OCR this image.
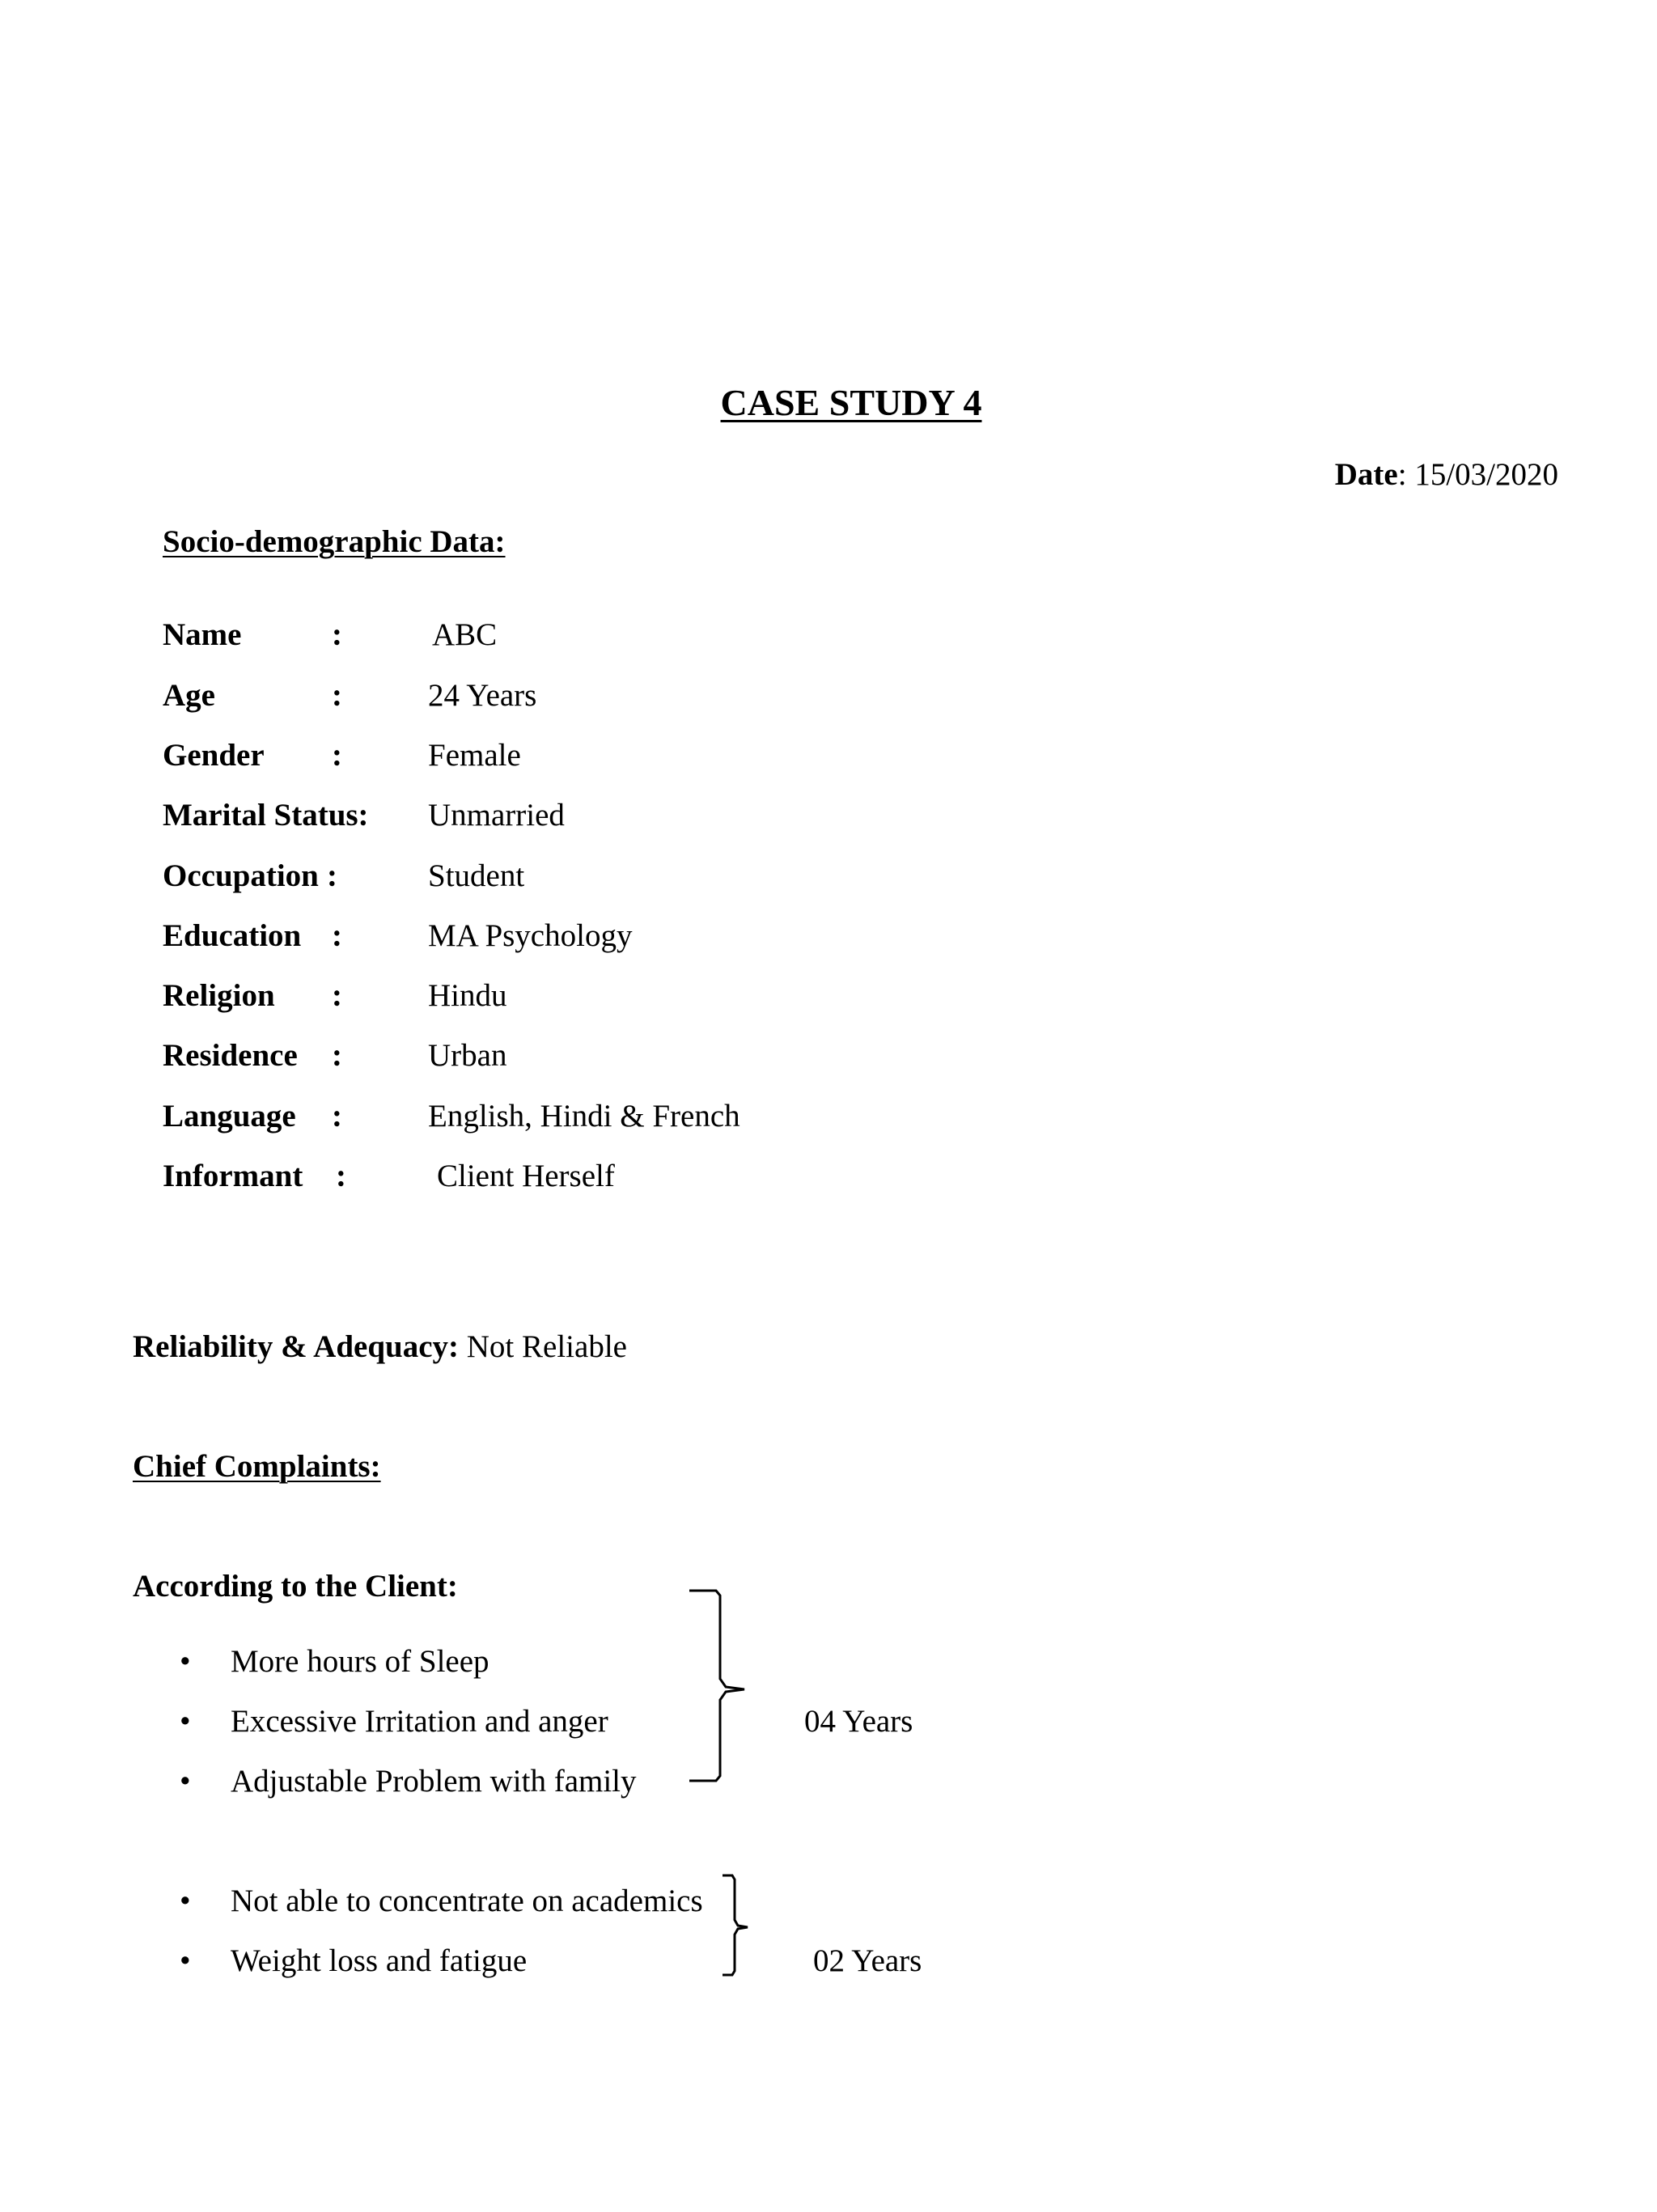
CASE STUDY 4
Date: 15/03/2020
Socio-demographic Data:
Name	:	ABC
Age	:	24 Years
Gender :	Female
Marital Status: Unmarried
Occupation :	Student
Education :	MA Psychology
Religion :	Hindu
Residence :	Urban
Language :	English, Hindi & French
Informant :	Client Herself
Reliability & Adequacy: Not Reliable
Chief Complaints:
According to the Client:
• More hours of Sleep
• Excessive Irritation and anger
• Adjustable Problem with family
04 Years
• Not able to concentrate on academics
• Weight loss and fatigue	02 Years
